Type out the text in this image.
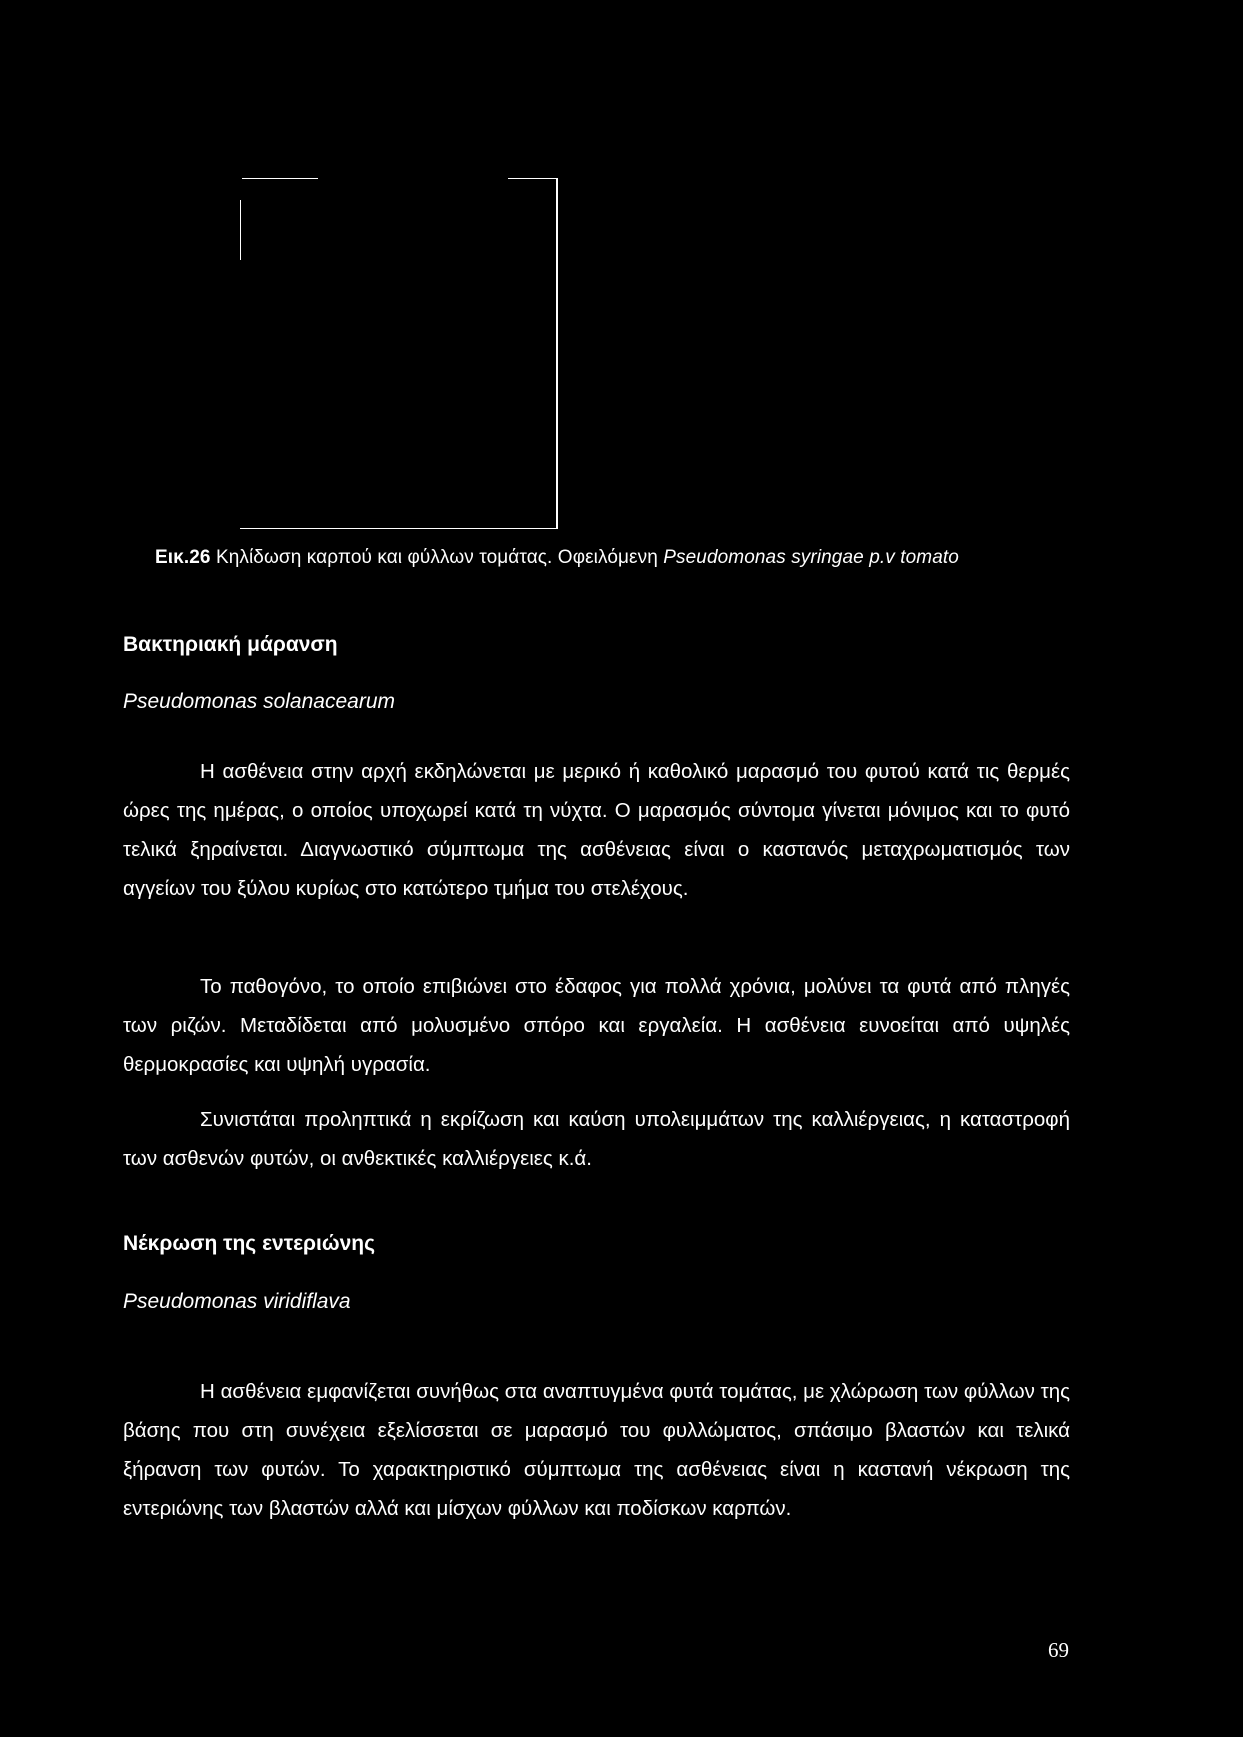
Εικ.26 Κηλίδωση καρπού και φύλλων τομάτας. Οφειλόμενη Pseudomonas syringae p.v tomato
Βακτηριακή μάρανση
Pseudomonas solanacearum

Η ασθένεια στην αρχή εκδηλώνεται με μερικό ή καθολικό μαρασμό του φυτού κατά τις θερμές ώρες της ημέρας, ο οποίος υποχωρεί κατά τη νύχτα. Ο μαρασμός σύντομα γίνεται μόνιμος και το φυτό τελικά ξηραίνεται. Διαγνωστικό σύμπτωμα της ασθένειας είναι ο καστανός μεταχρωματισμός των αγγείων του ξύλου κυρίως στο κατώτερο τμήμα του στελέχους.

Το παθογόνο, το οποίο επιβιώνει στο έδαφος για πολλά χρόνια, μολύνει τα φυτά από πληγές των ριζών. Μεταδίδεται από μολυσμένο σπόρο και εργαλεία. Η ασθένεια ευνοείται από υψηλές θερμοκρασίες και υψηλή υγρασία.

Συνιστάται προληπτικά η εκρίζωση και καύση υπολειμμάτων της καλλιέργειας, η καταστροφή των ασθενών φυτών, οι ανθεκτικές καλλιέργειες κ.ά.

Νέκρωση της εντεριώνης
Pseudomonas viridiflava

Η ασθένεια εμφανίζεται συνήθως στα αναπτυγμένα φυτά τομάτας, με χλώρωση των φύλλων της βάσης που στη συνέχεια εξελίσσεται σε μαρασμό του φυλλώματος, σπάσιμο βλαστών και τελικά ξήρανση των φυτών. Το χαρακτηριστικό σύμπτωμα της ασθένειας είναι η καστανή νέκρωση της εντεριώνης των βλαστών αλλά και μίσχων φύλλων και ποδίσκων καρπών.

69
